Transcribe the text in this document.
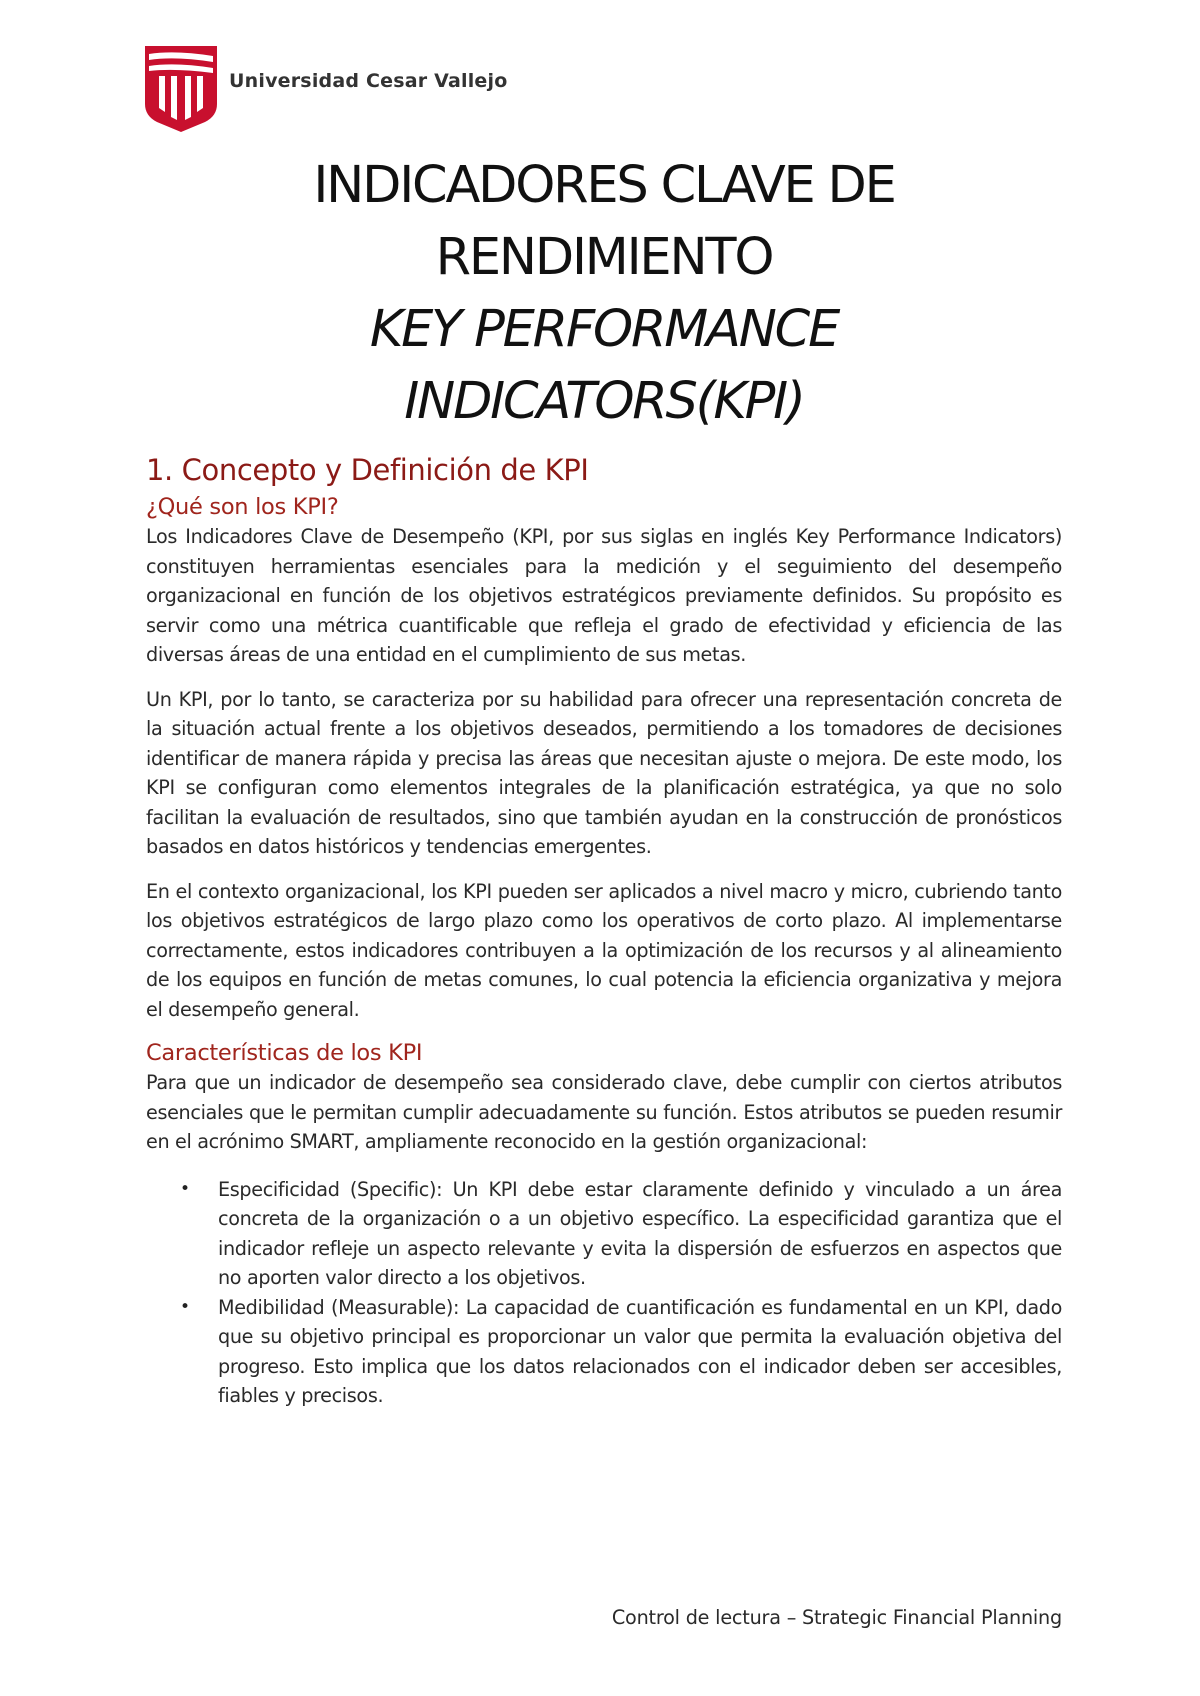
Universidad Cesar Vallejo
INDICADORES CLAVE DE
RENDIMIENTO
KEY PERFORMANCE
INDICATORS(KPI)
1. Concepto y Definición de KPI
¿Qué son los KPI?

Los Indicadores Clave de Desempeño (KPI, por sus siglas en inglés Key Performance Indicators) constituyen herramientas esenciales para la medición y el seguimiento del desempeño organizacional en función de los objetivos estratégicos previamente definidos. Su propósito es servir como una métrica cuantificable que refleja el grado de efectividad y eficiencia de las diversas áreas de una entidad en el cumplimiento de sus metas.

Un KPI, por lo tanto, se caracteriza por su habilidad para ofrecer una representación concreta de la situación actual frente a los objetivos deseados, permitiendo a los tomadores de decisiones identificar de manera rápida y precisa las áreas que necesitan ajuste o mejora. De este modo, los KPI se configuran como elementos integrales de la planificación estratégica, ya que no solo facilitan la evaluación de resultados, sino que también ayudan en la construcción de pronósticos basados en datos históricos y tendencias emergentes.

En el contexto organizacional, los KPI pueden ser aplicados a nivel macro y micro, cubriendo tanto los objetivos estratégicos de largo plazo como los operativos de corto plazo. Al implementarse correctamente, estos indicadores contribuyen a la optimización de los recursos y al alineamiento de los equipos en función de metas comunes, lo cual potencia la eficiencia organizativa y mejora el desempeño general.

Características de los KPI

Para que un indicador de desempeño sea considerado clave, debe cumplir con ciertos atributos esenciales que le permitan cumplir adecuadamente su función. Estos atributos se pueden resumir en el acrónimo SMART, ampliamente reconocido en la gestión organizacional:

• Especificidad (Specific): Un KPI debe estar claramente definido y vinculado a un área concreta de la organización o a un objetivo específico. La especificidad garantiza que el indicador refleje un aspecto relevante y evita la dispersión de esfuerzos en aspectos que no aporten valor directo a los objetivos.
• Medibilidad (Measurable): La capacidad de cuantificación es fundamental en un KPI, dado que su objetivo principal es proporcionar un valor que permita la evaluación objetiva del progreso. Esto implica que los datos relacionados con el indicador deben ser accesibles, fiables y precisos.
Control de lectura – Strategic Financial Planning
